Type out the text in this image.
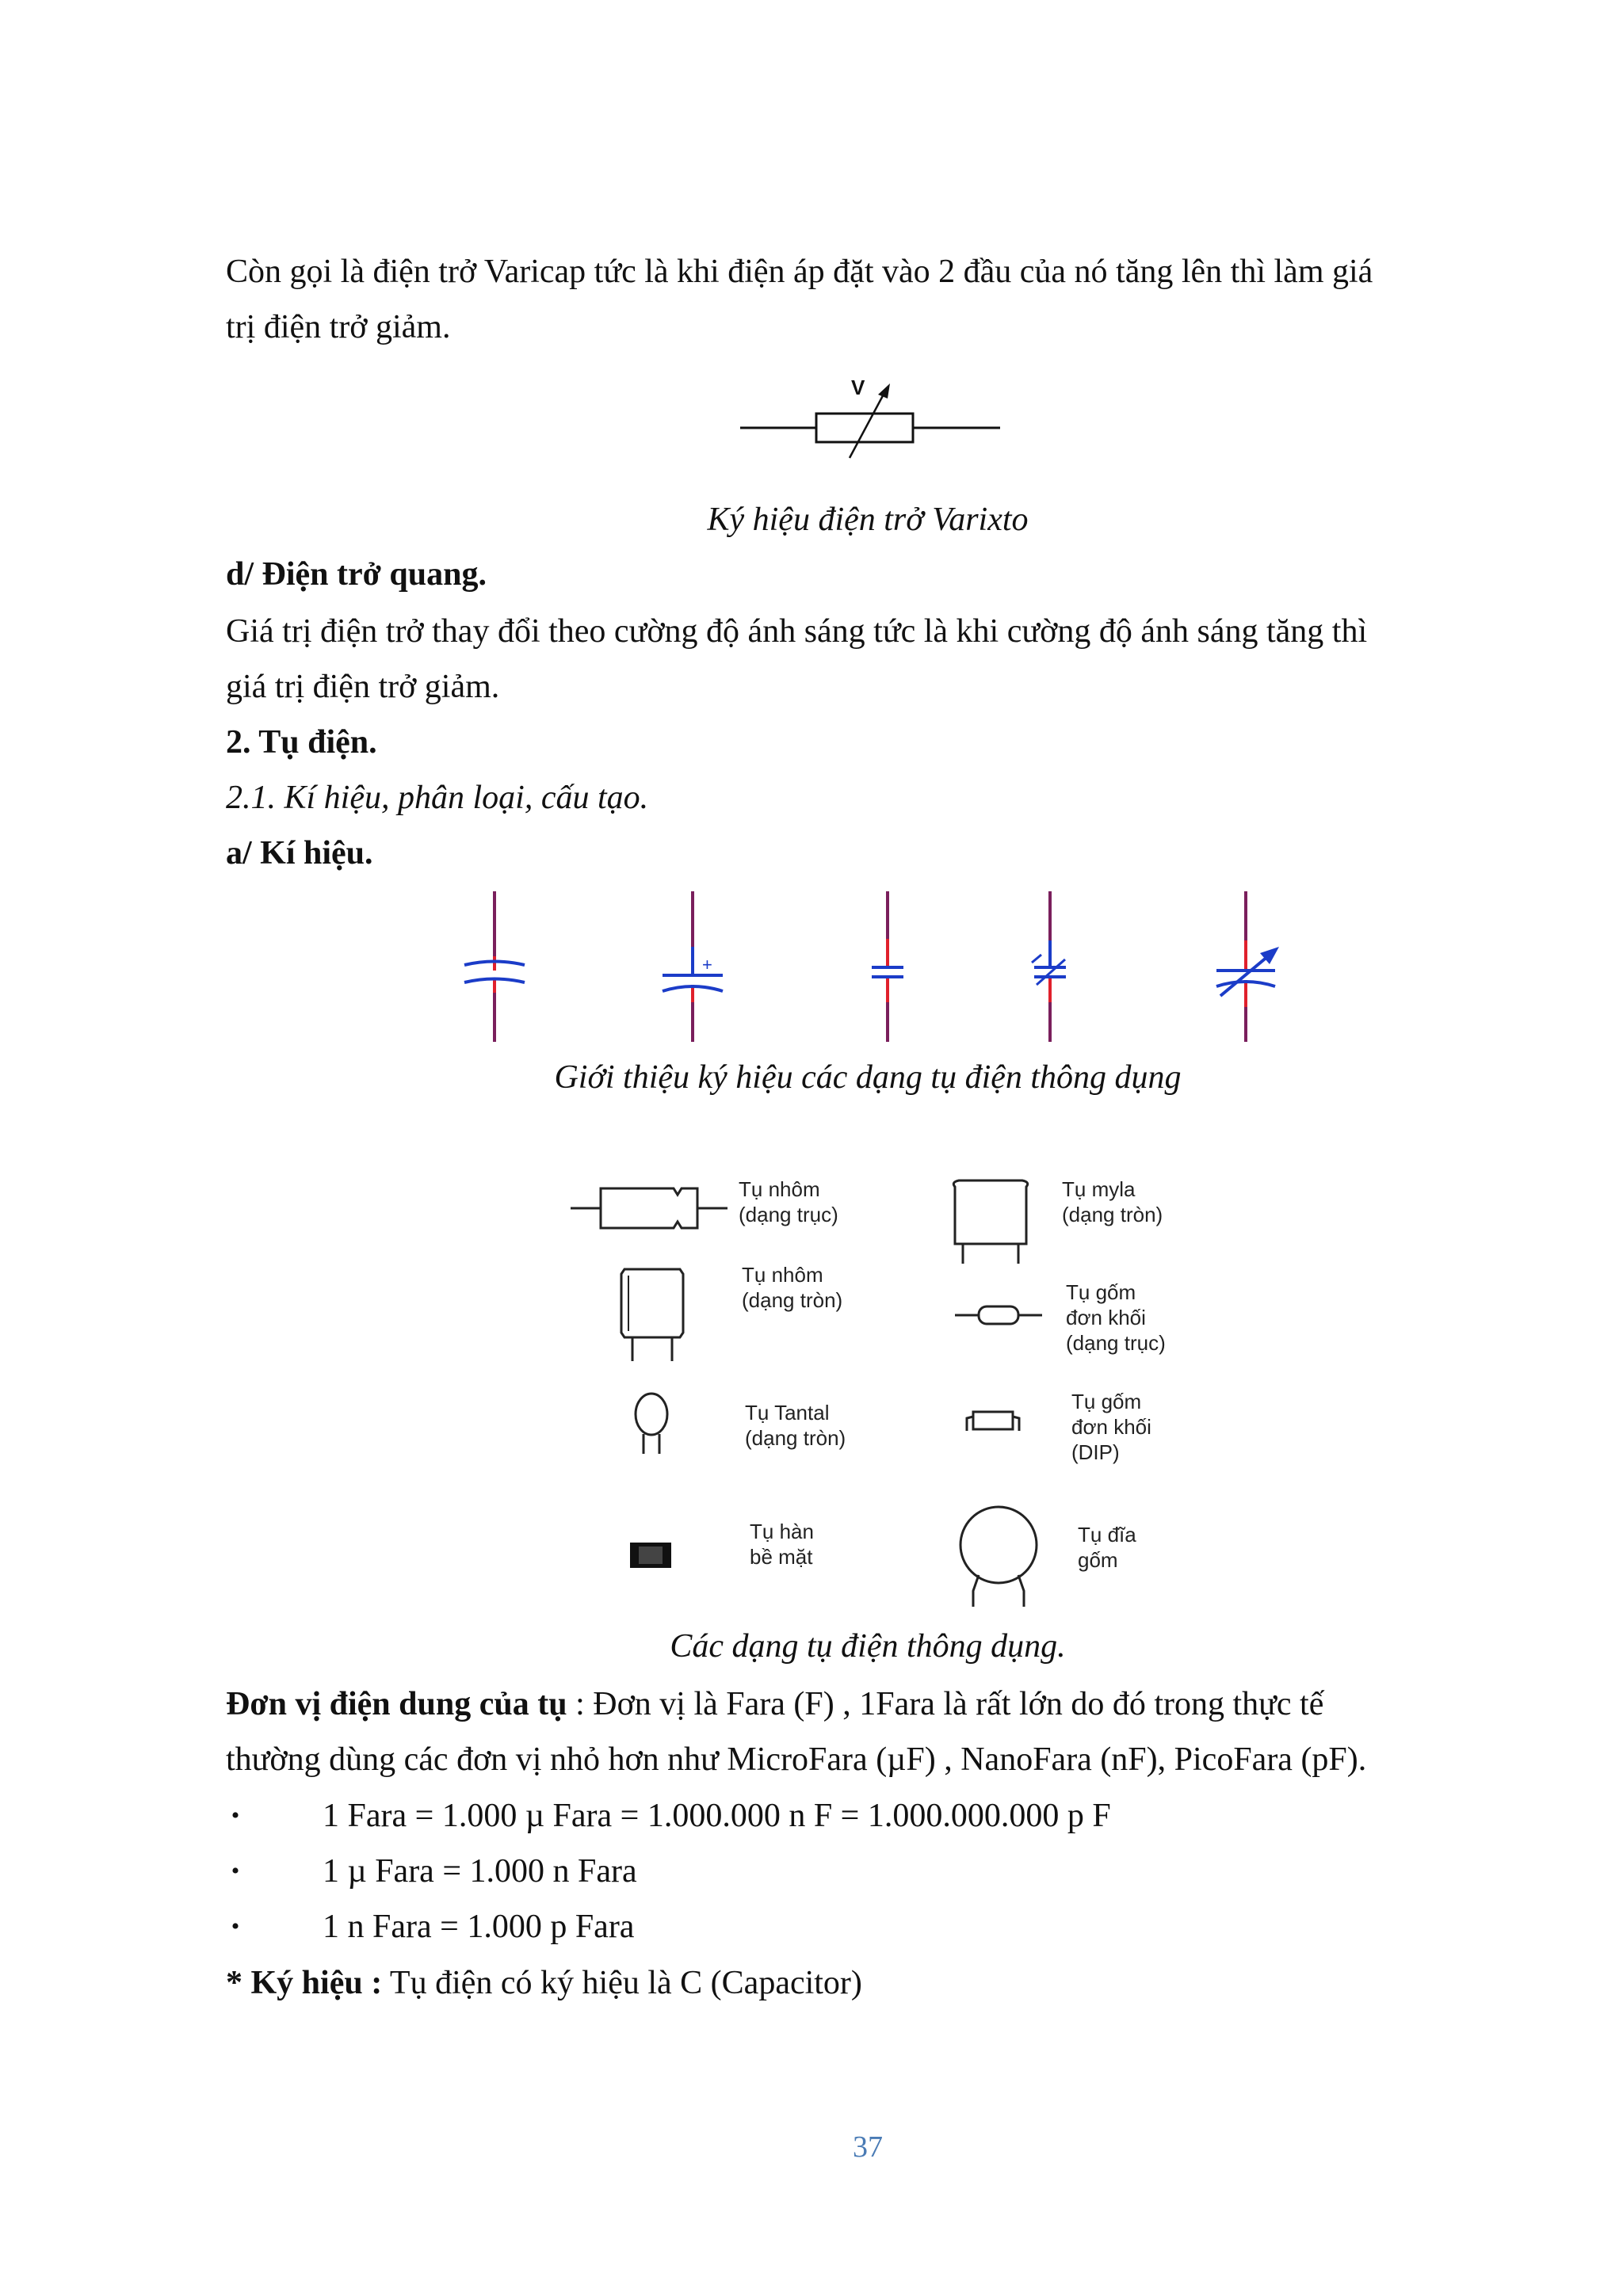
Còn gọi là điện trở Varicap tức là khi điện áp đặt vào 2 đầu của nó tăng lên thì làm giá

trị điện trở giảm.

V

Ký hiệu điện trở Varixto

d/ Điện trở quang.

Giá trị điện trở thay đổi theo cường độ ánh sáng tức là khi cường độ ánh sáng tăng thì

giá trị điện trở giảm.

2. Tụ điện.

2.1. Kí hiệu, phân loại, cấu tạo.

a/ Kí hiệu.

+

Giới thiệu ký hiệu các dạng tụ điện thông dụng

Tụ nhôm
(dạng trục)
Tụ myla
(dạng tròn)
Tụ nhôm
(dạng tròn)	Tụ gốm
đơn khối
(dạng trục)
Tụ Tantal
(dạng tròn)
Tụ gốm
đơn khối
(DIP)
Tụ hàn
bề mặt
Tụ đĩa
gốm

Các dạng tụ điện thông dụng.

Đơn vị điện dung của tụ : Đơn vị là Fara (F) , 1Fara là rất lớn do đó trong thực tế

thường dùng các đơn vị nhỏ hơn như MicroFara (µF) , NanoFara (nF), PicoFara (pF).

• 1 Fara = 1.000 µ Fara = 1.000.000 n F = 1.000.000.000 p F
• 1 µ Fara = 1.000 n Fara
• 1 n Fara = 1.000 p Fara

* Ký hiệu : Tụ điện có ký hiệu là C (Capacitor)

37
